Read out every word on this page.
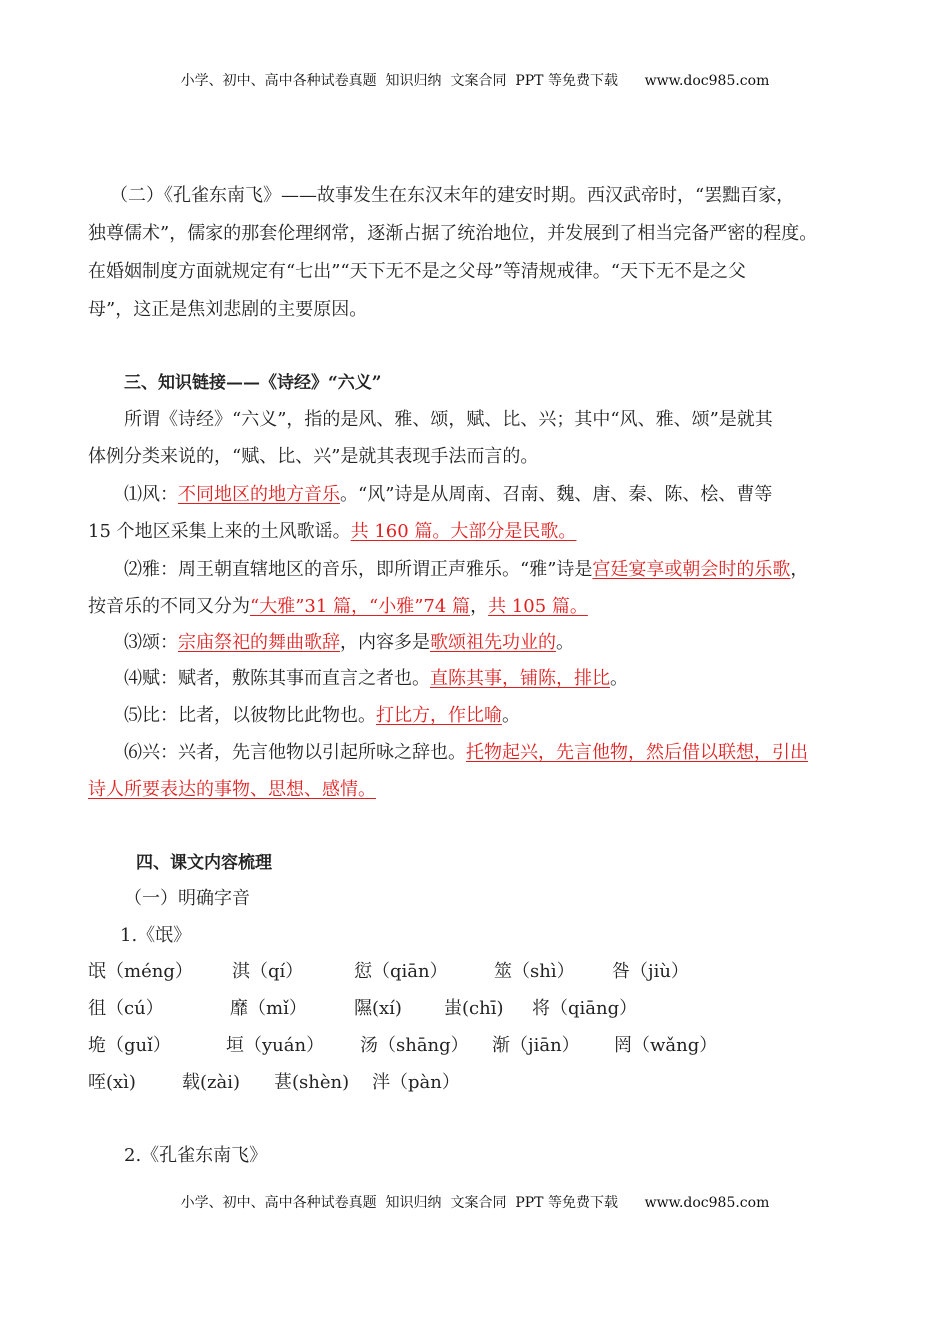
小学、初中、高中各种试卷真题  知识归纳  文案合同  PPT 等免费下载      www.doc985.com
（二）《孔雀东南飞》——故事发生在东汉末年的建安时期。西汉武帝时，“罢黜百家，
独尊儒术”，儒家的那套伦理纲常，逐渐占据了统治地位，并发展到了相当完备严密的程度。
在婚姻制度方面就规定有“七出”“天下无不是之父母”等清规戒律。“天下无不是之父
母”，这正是焦刘悲剧的主要原因。
三、知识链接——《诗经》“六义”
所谓《诗经》“六义”，指的是风、雅、颂，赋、比、兴；其中“风、雅、颂”是就其
体例分类来说的，“赋、比、兴”是就其表现手法而言的。
⑴风：不同地区的地方音乐。“风”诗是从周南、召南、魏、唐、秦、陈、桧、曹等
15 个地区采集上来的土风歌谣。共 160 篇。大部分是民歌。
⑵雅：周王朝直辖地区的音乐，即所谓正声雅乐。“雅”诗是宫廷宴享或朝会时的乐歌，
按音乐的不同又分为“大雅”31 篇，“小雅”74 篇，共 105 篇。
⑶颂：宗庙祭祀的舞曲歌辞，内容多是歌颂祖先功业的。
⑷赋：赋者，敷陈其事而直言之者也。直陈其事，铺陈，排比。
⑸比：比者，以彼物比此物也。打比方，作比喻。
⑹兴：兴者，先言他物以引起所咏之辞也。托物起兴，先言他物，然后借以联想，引出
诗人所要表达的事物、思想、感情。
四、课文内容梳理
（一）明确字音
1.《氓》
氓（méng） 淇（qí）	愆（qiān）	筮（shì） 咎（jiù）
徂（cú）	靡（mǐ）	隰(xí) 蚩(chī) 将（qiāng）
垝（guǐ）	垣（yuán） 汤（shāng） 渐（jiān） 罔（wǎng）
咥(xì)	载(zài) 葚(shèn) 泮（pàn）
2.《孔雀东南飞》
小学、初中、高中各种试卷真题  知识归纳  文案合同  PPT 等免费下载      www.doc985.com
